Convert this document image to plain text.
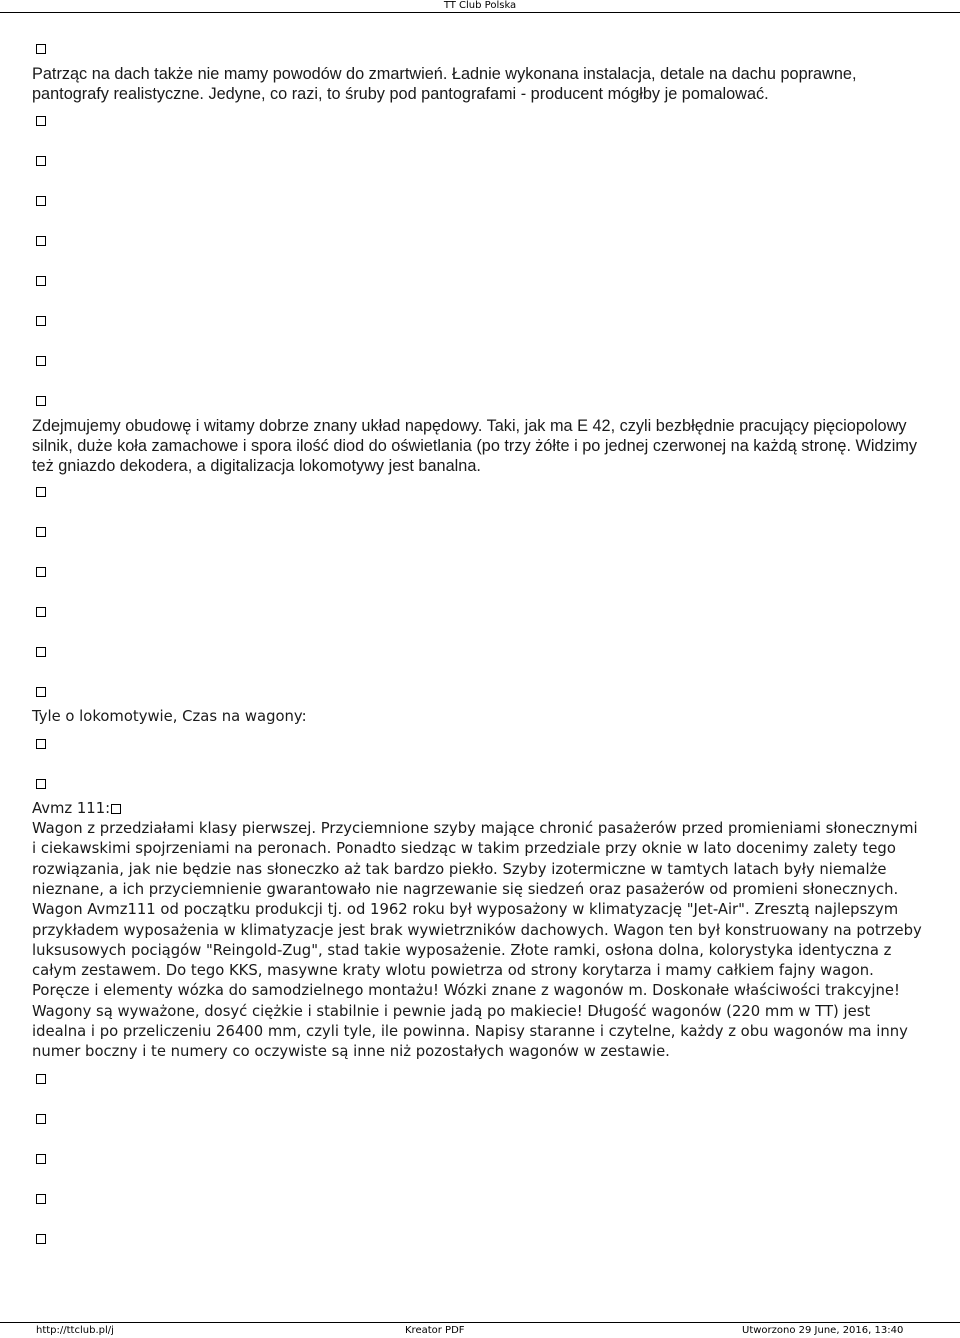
TT Club Polska

Patrząc na dach także nie mamy powodów do zmartwień. Ładnie wykonana instalacja, detale na dachu poprawne, pantografy realistyczne. Jedyne, co razi, to śruby pod pantografami - producent mógłby je pomalować.

Zdejmujemy obudowę i witamy dobrze znany układ napędowy. Taki, jak ma E 42, czyli bezbłędnie pracujący pięciopolowy silnik, duże koła zamachowe i spora ilość diod do oświetlania (po trzy żółte i po jednej czerwonej na każdą stronę. Widzimy też gniazdo dekodera, a digitalizacja lokomotywy jest banalna.

Tyle o lokomotywie, Czas na wagony:

Avmz 111:

Wagon z przedziałami klasy pierwszej. Przyciemnione szyby mające chronić pasażerów przed promieniami słonecznymi i ciekawskimi spojrzeniami na peronach. Ponadto siedząc w takim przedziale przy oknie w lato docenimy zalety tego rozwiązania, jak nie będzie nas słoneczko aż tak bardzo piekło. Szyby izotermiczne w tamtych latach były niemalże nieznane, a ich przyciemnienie gwarantowało nie nagrzewanie się siedzeń oraz pasażerów od promieni słonecznych. Wagon Avmz111 od początku produkcji tj. od 1962 roku był wyposażony w klimatyzację "Jet-Air". Zresztą najlepszym przykładem wyposażenia w klimatyzacje jest brak wywietrzników dachowych. Wagon ten był konstruowany na potrzeby luksusowych pociągów "Reingold-Zug", stad takie wyposażenie. Złote ramki, osłona dolna, kolorystyka identyczna z całym zestawem. Do tego KKS, masywne kraty wlotu powietrza od strony korytarza i mamy całkiem fajny wagon. Poręcze i elementy wózka do samodzielnego montażu! Wózki znane z wagonów m. Doskonałe właściwości trakcyjne! Wagony są wyważone, dosyć ciężkie i stabilnie i pewnie jadą po makiecie! Długość wagonów (220 mm w TT) jest idealna i po przeliczeniu 26400 mm, czyli tyle, ile powinna. Napisy staranne i czytelne, każdy z obu wagonów ma inny numer boczny i te numery co oczywiste są inne niż pozostałych wagonów w zestawie.

http://ttclub.pl/j	Kreator PDF	Utworzono 29 June, 2016, 13:40
